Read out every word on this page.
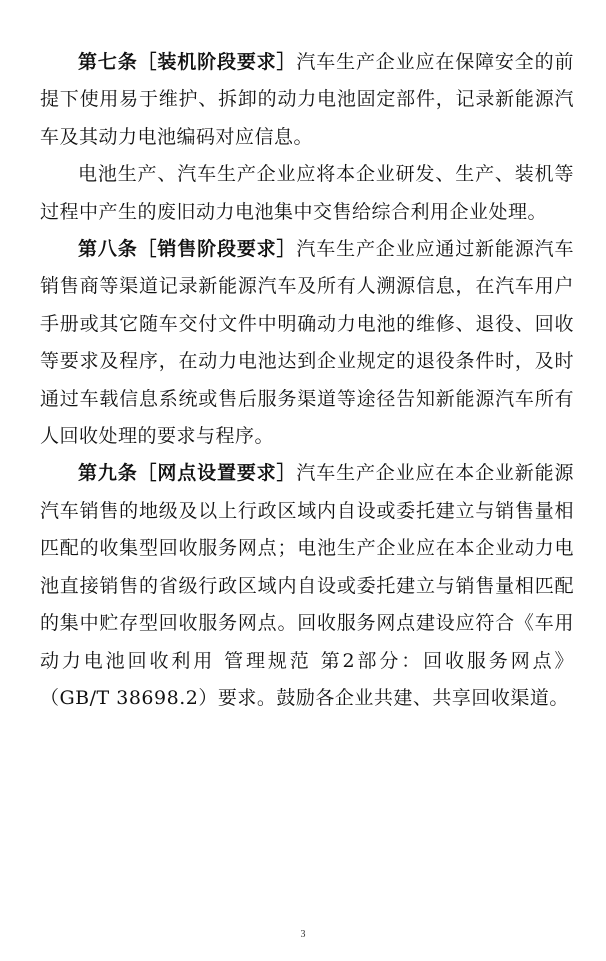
第七条［装机阶段要求］汽车生产企业应在保障安全的前提下使用易于维护、拆卸的动力电池固定部件，记录新能源汽车及其动力电池编码对应信息。

电池生产、汽车生产企业应将本企业研发、生产、装机等过程中产生的废旧动力电池集中交售给综合利用企业处理。

第八条［销售阶段要求］汽车生产企业应通过新能源汽车销售商等渠道记录新能源汽车及所有人溯源信息，在汽车用户手册或其它随车交付文件中明确动力电池的维修、退役、回收等要求及程序，在动力电池达到企业规定的退役条件时，及时通过车载信息系统或售后服务渠道等途径告知新能源汽车所有人回收处理的要求与程序。

第九条［网点设置要求］汽车生产企业应在本企业新能源汽车销售的地级及以上行政区域内自设或委托建立与销售量相匹配的收集型回收服务网点；电池生产企业应在本企业动力电池直接销售的省级行政区域内自设或委托建立与销售量相匹配的集中贮存型回收服务网点。回收服务网点建设应符合《车用动力电池回收利用 管理规范 第2部分：回收服务网点》（GB/T 38698.2）要求。鼓励各企业共建、共享回收渠道。

3
